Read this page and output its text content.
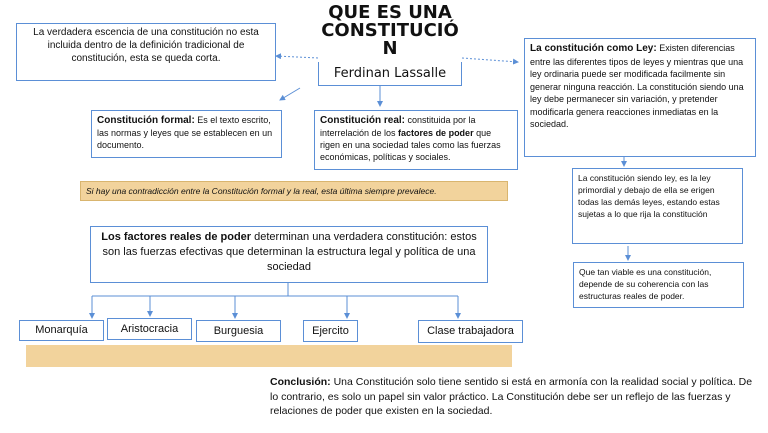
QUE ES UNA
CONSTITUCIÓ
N
Ferdinan Lassalle
La verdadera escencia de una constitución no esta incluida dentro de la definición tradicional de constitución, esta se queda corta.
Constitución formal: Es el texto escrito, las normas y leyes que se establecen en un documento.
Constitución real: constituida por la interrelación de los factores de poder que rigen en una sociedad tales como las fuerzas económicas, políticas y sociales.
La constitución como Ley: Existen diferencias entre las diferentes tipos de leyes y mientras que una ley ordinaria puede ser modificada facilmente sin generar ninguna reacción. La constitución siendo una ley debe permanecer sin variación, y pretender modificarla genera reacciones inmediatas en la sociedad.
La constitución siendo ley, es la ley primordial y debajo de ella se erigen todas las demás leyes, estando estas sujetas a lo que rija la constitución
Que tan viable es una constitución, depende de su coherencia con las estructuras reales de poder.
Si hay una contradicción entre la Constitución formal y la real, esta última siempre prevalece.
Los factores reales de poder determinan una verdadera constitución: estos son las fuerzas efectivas que determinan la estructura legal y política de una sociedad
Monarquía	Aristocracia	Burguesia	Ejercito	Clase trabajadora
Conclusión: Una Constitución solo tiene sentido si está en armonía con la realidad social y política. De lo contrario, es solo un papel sin valor práctico. La Constitución debe ser un reflejo de las fuerzas y relaciones de poder que existen en la sociedad.
